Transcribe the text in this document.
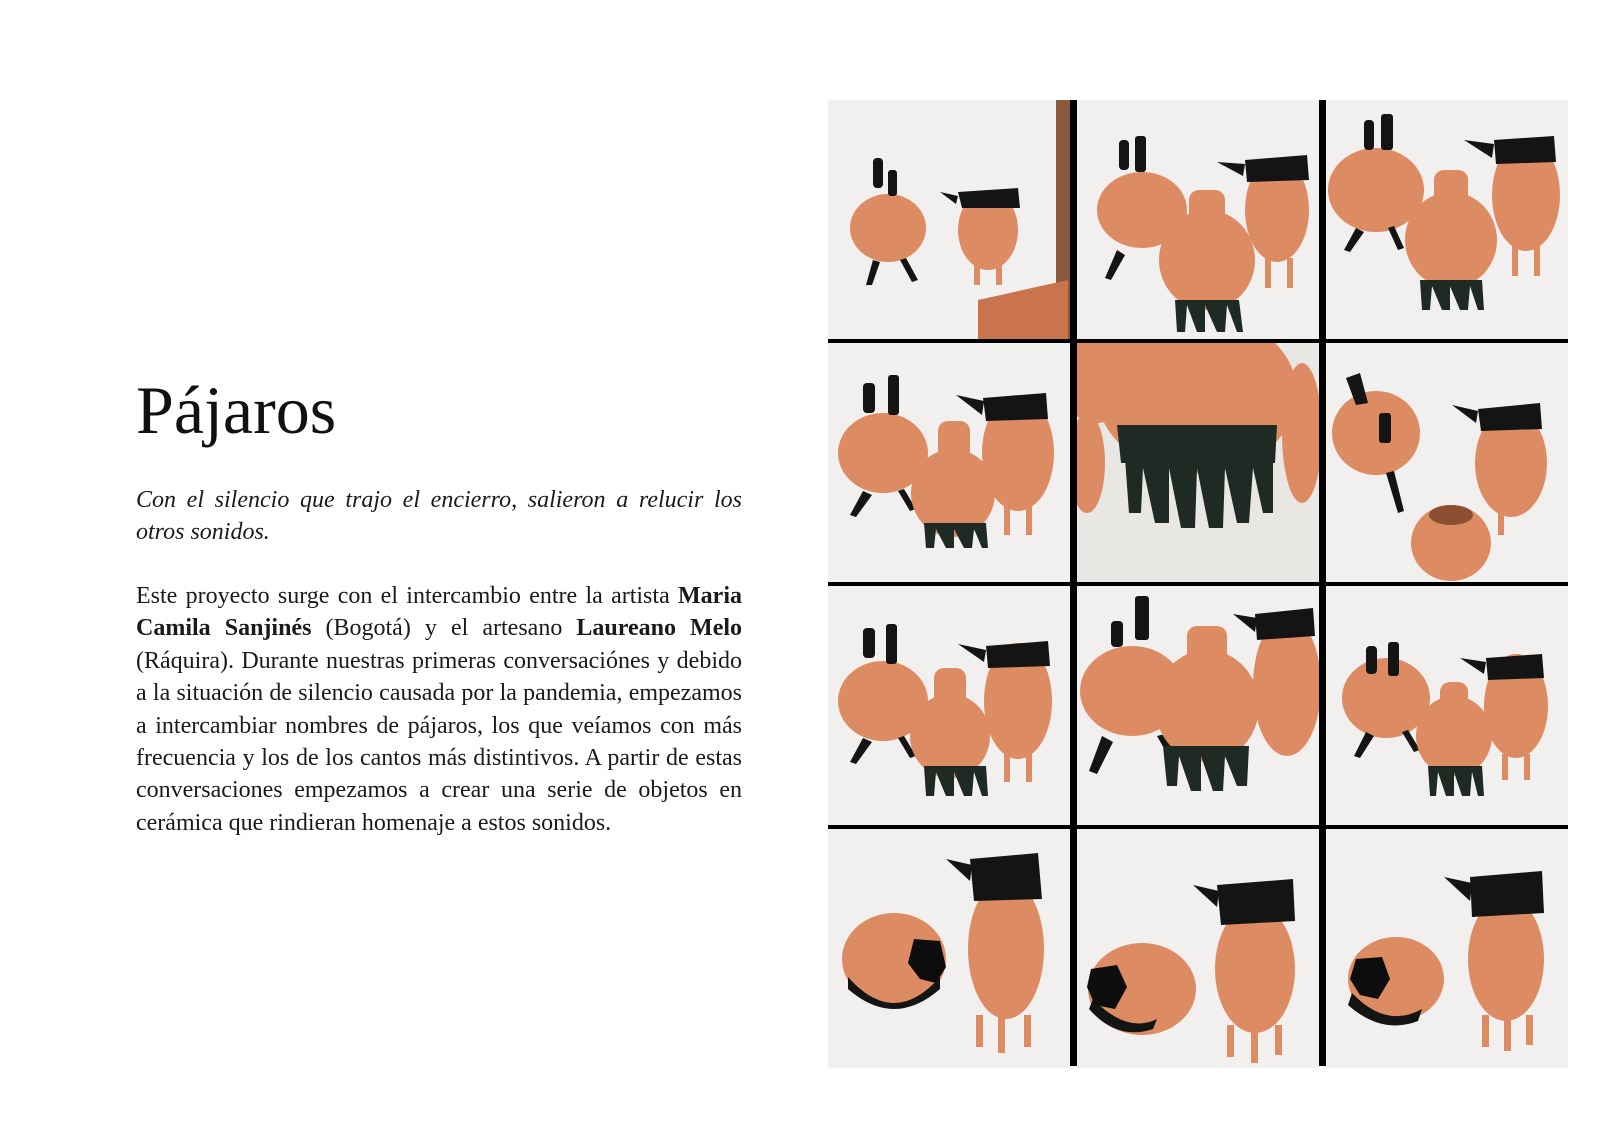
Pájaros

Con el silencio que trajo el encierro, salieron a relucir los otros sonidos.

Este proyecto surge con el intercambio entre la artista Maria Camila Sanjinés (Bogotá) y el artesano Laureano Melo (Ráquira). Durante nuestras primeras conversaciónes y debido a la situación de silencio causada por la pandemia, empezamos a intercambiar nombres de pájaros, los que veíamos con más frecuencia y los de los cantos más distintivos. A partir de estas conversaciones empezamos a crear una serie de objetos en cerámica que rindieran homenaje a estos sonidos.
